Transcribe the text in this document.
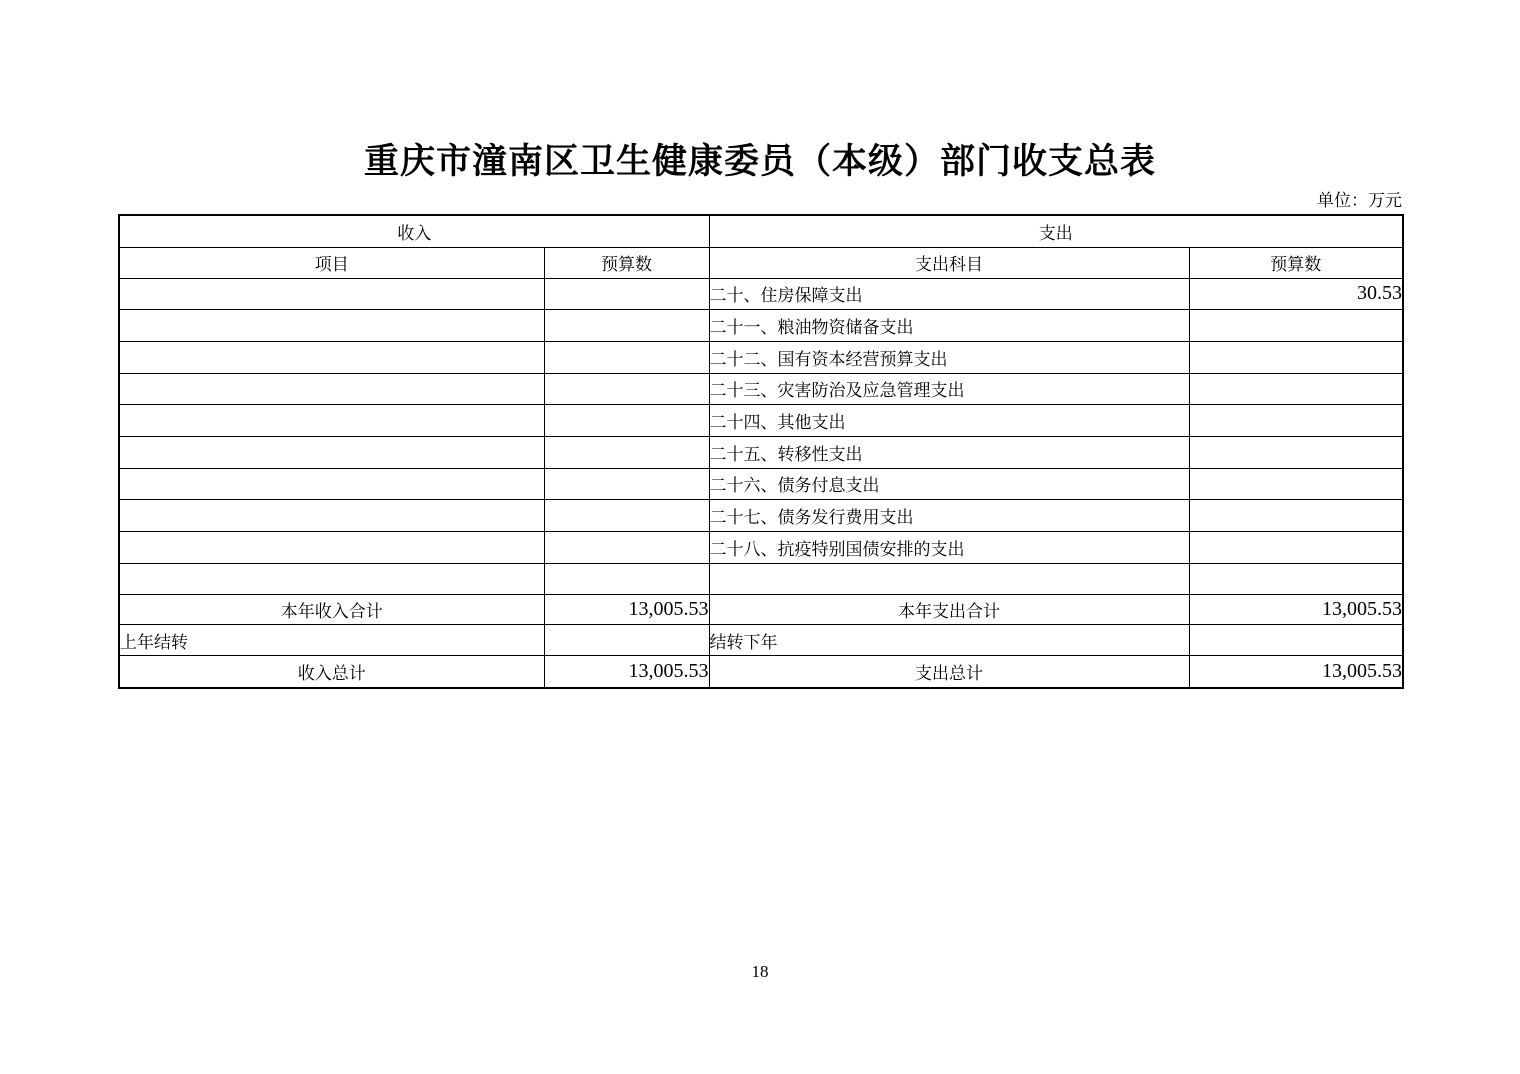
重庆市潼南区卫生健康委员（本级）部门收支总表
单位：万元
收入		支出	
项目	预算数	支出科目	预算数
		二十、住房保障支出	30.53
		二十一、粮油物资储备支出	
		二十二、国有资本经营预算支出	
		二十三、灾害防治及应急管理支出	
		二十四、其他支出	
		二十五、转移性支出	
		二十六、债务付息支出	
		二十七、债务发行费用支出	
		二十八、抗疫特别国债安排的支出	

本年收入合计	13,005.53	本年支出合计	13,005.53
上年结转		结转下年	
收入总计	13,005.53	支出总计	13,005.53
18
